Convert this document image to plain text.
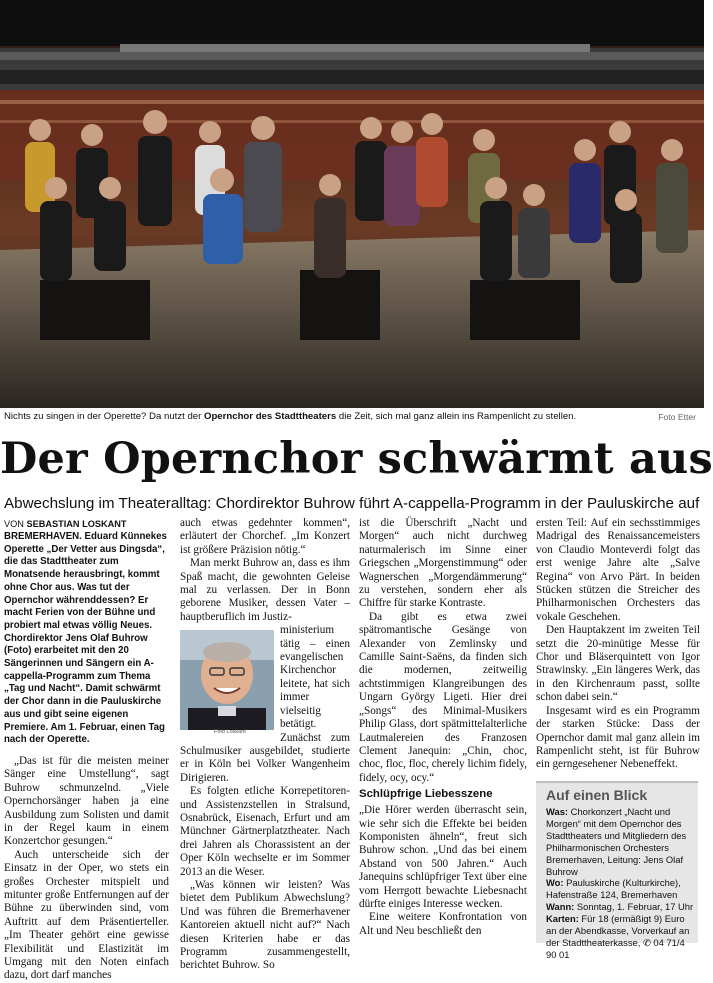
Nichts zu singen in der Operette? Da nutzt der Opernchor des Stadttheaters die Zeit, sich mal ganz allein ins Rampenlicht zu stellen.	Foto Etter
Der Opernchor schwärmt aus
Abwechslung im Theateralltag: Chordirektor Buhrow führt A-cappella-Programm in der Pauluskirche auf
VON SEBASTIAN LOSKANT

BREMERHAVEN. Eduard Künnekes Operette „Der Vetter aus Dingsda“, die das Stadttheater zum Monatsende herausbringt, kommt ohne Chor aus. Was tut der Opernchor währenddessen? Er macht Ferien von der Bühne und probiert mal etwas völlig Neues. Chordirektor Jens Olaf Buhrow (Foto) erarbeitet mit den 20 Sängerinnen und Sängern ein A-cappella-Programm zum Thema „Tag und Nacht“. Damit schwärmt der Chor dann in die Pauluskirche aus und gibt seine eigenen Premiere. Am 1. Februar, einen Tag nach der Operette.

„Das ist für die meisten meiner Sänger eine Umstellung“, sagt Buhrow schmunzelnd. „Viele Opernchorsänger haben ja eine Ausbildung zum Solisten und damit in der Regel kaum in einem Konzertchor gesungen.“

Auch unterscheide sich der Einsatz in der Oper, wo stets ein großes Orchester mitspielt und mitunter große Entfernungen auf der Bühne zu überwinden sind, vom Auftritt auf dem Präsentierteller. „Im Theater gehört eine gewisse Flexibilität und Elastizität im Umgang mit den Noten einfach dazu, dort darf manches

auch etwas gedehnter kommen“, erläutert der Chorchef. „Im Konzert ist größere Präzision nötig.“

Man merkt Buhrow an, dass es ihm Spaß macht, die gewohnten Geleise mal zu verlassen. Der in Bonn geborene Musiker, dessen Vater – hauptberuflich im Justiz-

Foto Loskant

ministerium tätig – einen evangelischen Kirchenchor leitete, hat sich immer vielseitig betätigt. Zunächst zum Schulmusiker ausgebildet, studierte er in Köln bei Volker Wangenheim Dirigieren.

Es folgten etliche Korrepetitoren- und Assistenzstellen in Stralsund, Osnabrück, Eisenach, Erfurt und am Münchner Gärtnerplatztheater. Nach drei Jahren als Chorassistent an der Oper Köln wechselte er im Sommer 2013 an die Weser.

„Was können wir leisten? Was bietet dem Publikum Abwechslung? Und was führen die Bremerhavener Kantoreien aktuell nicht auf?“ Nach diesen Kriterien habe er das Programm zusammengestellt, berichtet Buhrow. So

ist die Überschrift „Nacht und Morgen“ auch nicht durchweg naturmalerisch im Sinne einer Griegschen „Morgenstimmung“ oder Wagnerschen „Morgendämmerung“ zu verstehen, sondern eher als Chiffre für starke Kontraste.

Da gibt es etwa zwei spätromantische Gesänge von Alexander von Zemlinsky und Camille Saint-Saëns, da finden sich die modernen, zeitweilig achtstimmigen Klangreibungen des Ungarn György Ligeti. Hier drei „Songs“ des Minimal-Musikers Philip Glass, dort spätmittelalterliche Lautmalereien des Franzosen Clement Janequin: „Chin, choc, choc, floc, floc, cherely lichim fidely, fidely, ocy, ocy.“

Schlüpfrige Liebesszene

„Die Hörer werden überrascht sein, wie sehr sich die Effekte bei beiden Komponisten ähneln“, freut sich Buhrow schon. „Und das bei einem Abstand von 500 Jahren.“ Auch Janequins schlüpfriger Text über eine vom Herrgott bewachte Liebesnacht dürfte einiges Interesse wecken.

Eine weitere Konfrontation von Alt und Neu beschließt den

ersten Teil: Auf ein sechsstimmiges Madrigal des Renaissancemeisters von Claudio Monteverdi folgt das erst wenige Jahre alte „Salve Regina“ von Arvo Pärt. In beiden Stücken stützen die Streicher des Philharmonischen Orchesters das vokale Geschehen.

Den Hauptakzent im zweiten Teil setzt die 20-minütige Messe für Chor und Bläserquintett von Igor Strawinsky. „Ein längeres Werk, das in den Kirchenraum passt, sollte schon dabei sein.“

Insgesamt wird es ein Programm der starken Stücke: Dass der Opernchor damit mal ganz allein im Rampenlicht steht, ist für Buhrow ein gerngesehener Nebeneffekt.

Auf einen Blick
Was: Chorkonzert „Nacht und Morgen“ mit dem Opernchor des Stadttheaters und Mitgliedern des Philharmonischen Orchesters Bremerhaven, Leitung: Jens Olaf Buhrow
Wo: Pauluskirche (Kulturkirche), Hafenstraße 124, Bremerhaven
Wann: Sonntag, 1. Februar, 17 Uhr
Karten: Für 18 (ermäßigt 9) Euro an der Abendkasse, Vorverkauf an der Stadttheaterkasse, ✆ 04 71/4 90 01
